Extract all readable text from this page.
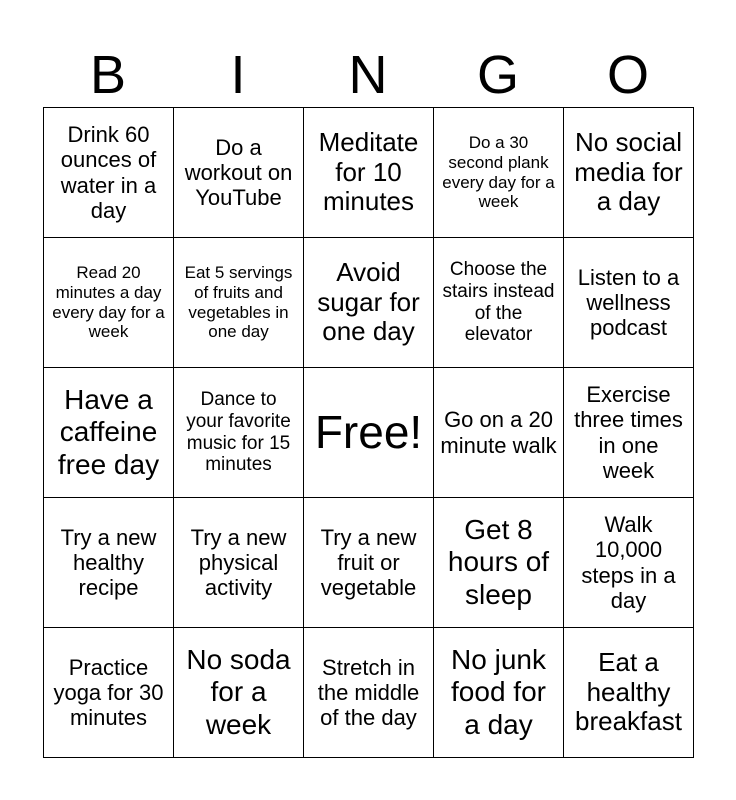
B	I	N	G	O
Drink 60 ounces of water in a day	Do a workout on YouTube	Meditate for 10 minutes	Do a 30 second plank every day for a week	No social media for a day
Read 20 minutes a day every day for a week	Eat 5 servings of fruits and vegetables in one day	Avoid sugar for one day	Choose the stairs instead of the elevator	Listen to a wellness podcast
Have a caffeine free day	Dance to your favorite music for 15 minutes	Free!	Go on a 20 minute walk	Exercise three times in one week
Try a new healthy recipe	Try a new physical activity	Try a new fruit or vegetable	Get 8 hours of sleep	Walk 10,000 steps in a day
Practice yoga for 30 minutes	No soda for a week	Stretch in the middle of the day	No junk food for a day	Eat a healthy breakfast
